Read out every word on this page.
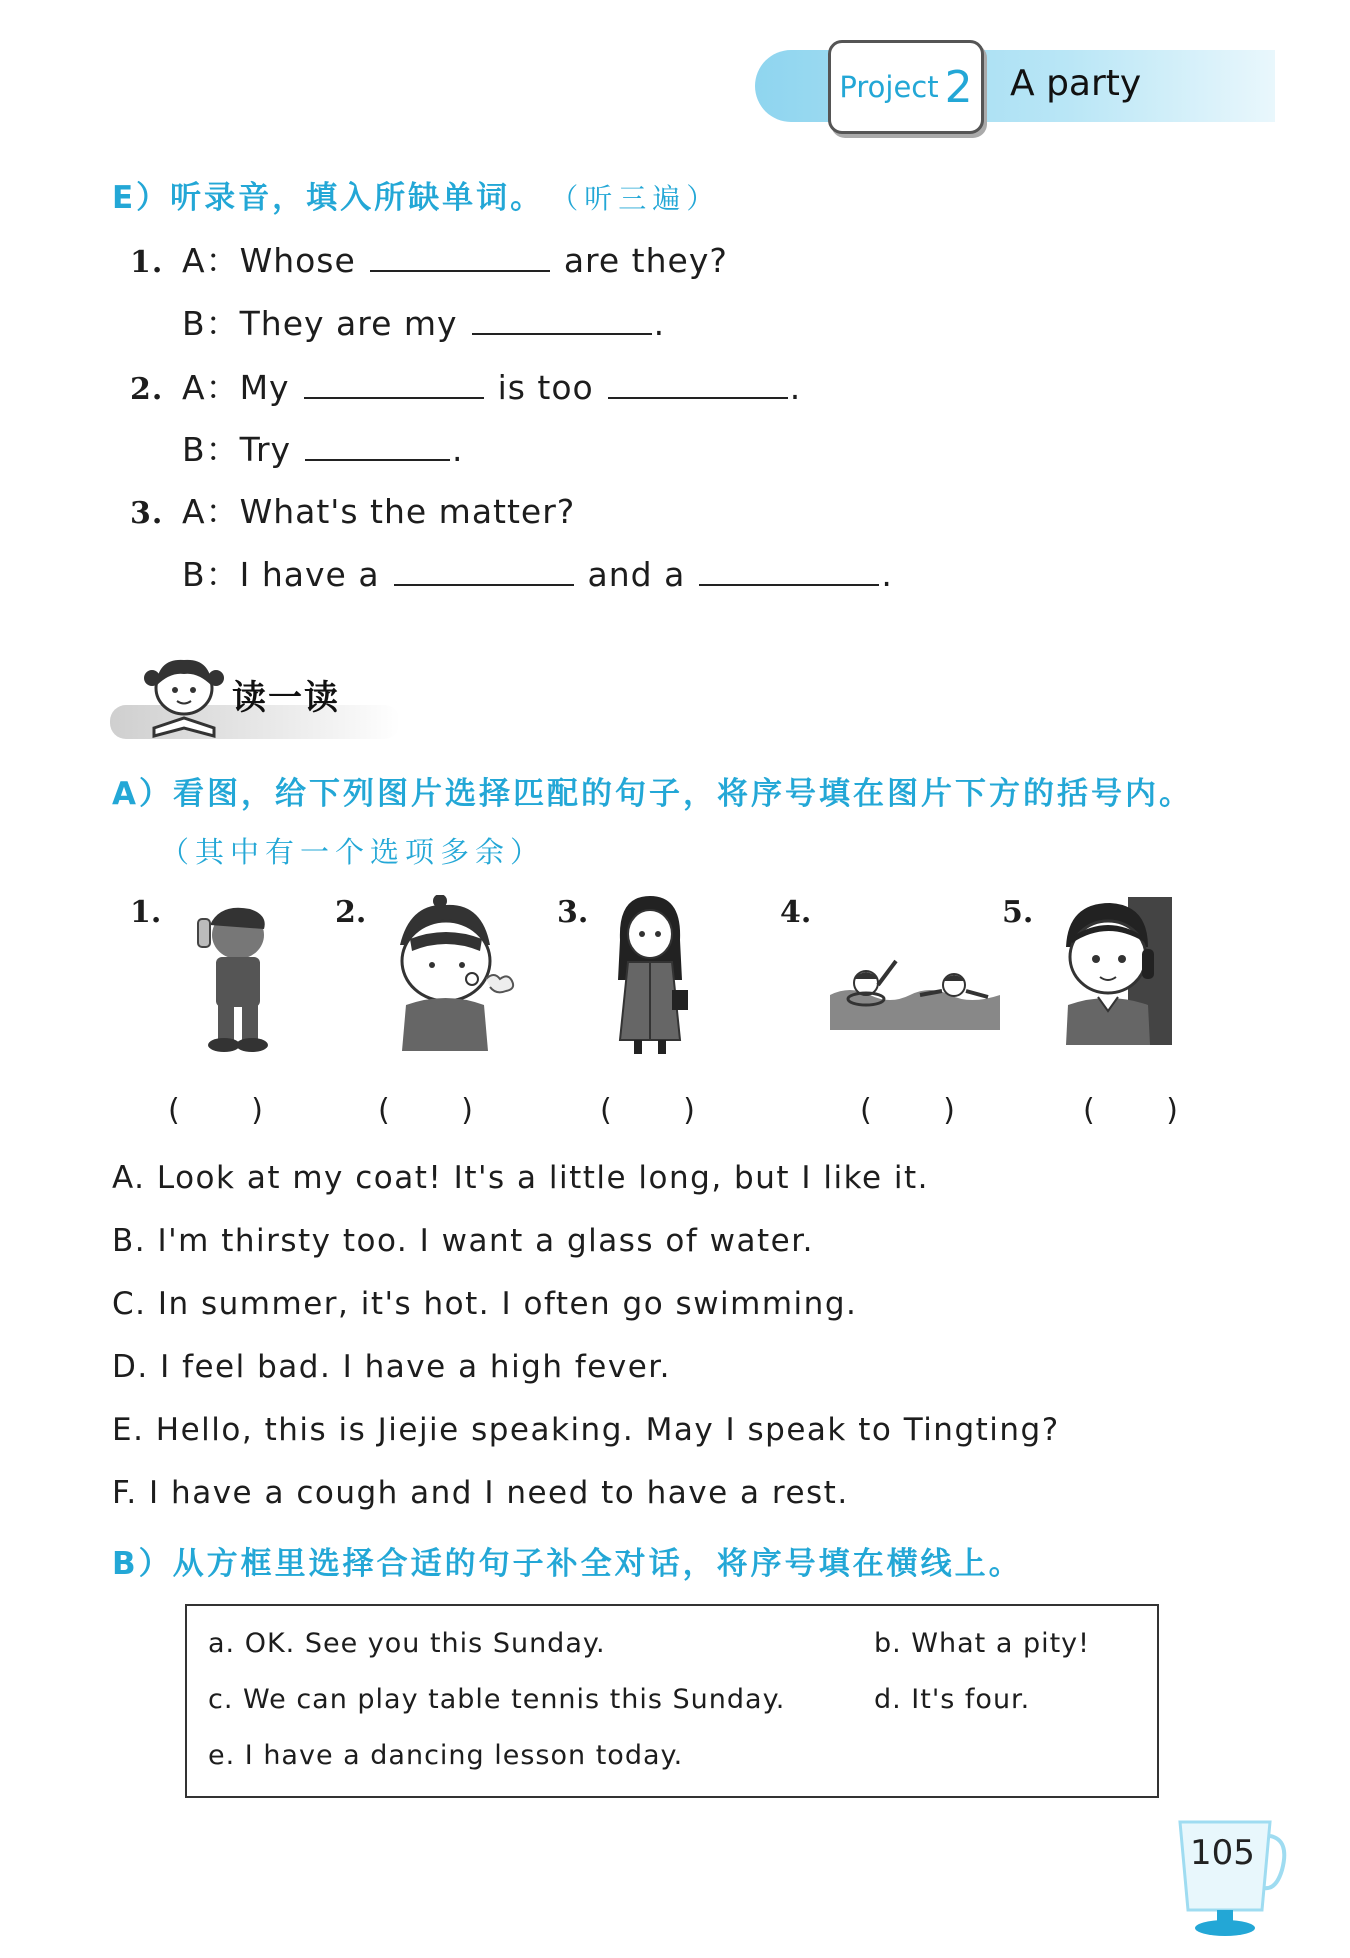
Project 2 A party
E）听录音，填入所缺单词。 （听三遍）
1. A：Whose	are they?
B：They are my	.
2. A：My	is too	.
B：Try	.
3. A：What's the matter?
B：I have a	and a	.
读一读
A）看图，给下列图片选择匹配的句子，将序号填在图片下方的括号内。
（其中有一个选项多余）
1.	2.	3.	4.	5.
( )	( )	( )	( )	( )
A. Look at my coat! It's a little long, but I like it.
B. I'm thirsty too. I want a glass of water.
C. In summer, it's hot. I often go swimming.
D. I feel bad. I have a high fever.
E. Hello, this is Jiejie speaking. May I speak to Tingting?
F. I have a cough and I need to have a rest.
B）从方框里选择合适的句子补全对话，将序号填在横线上。
a. OK. See you this Sunday.	b. What a pity!
c. We can play table tennis this Sunday.	d. It's four.
e. I have a dancing lesson today.
105
